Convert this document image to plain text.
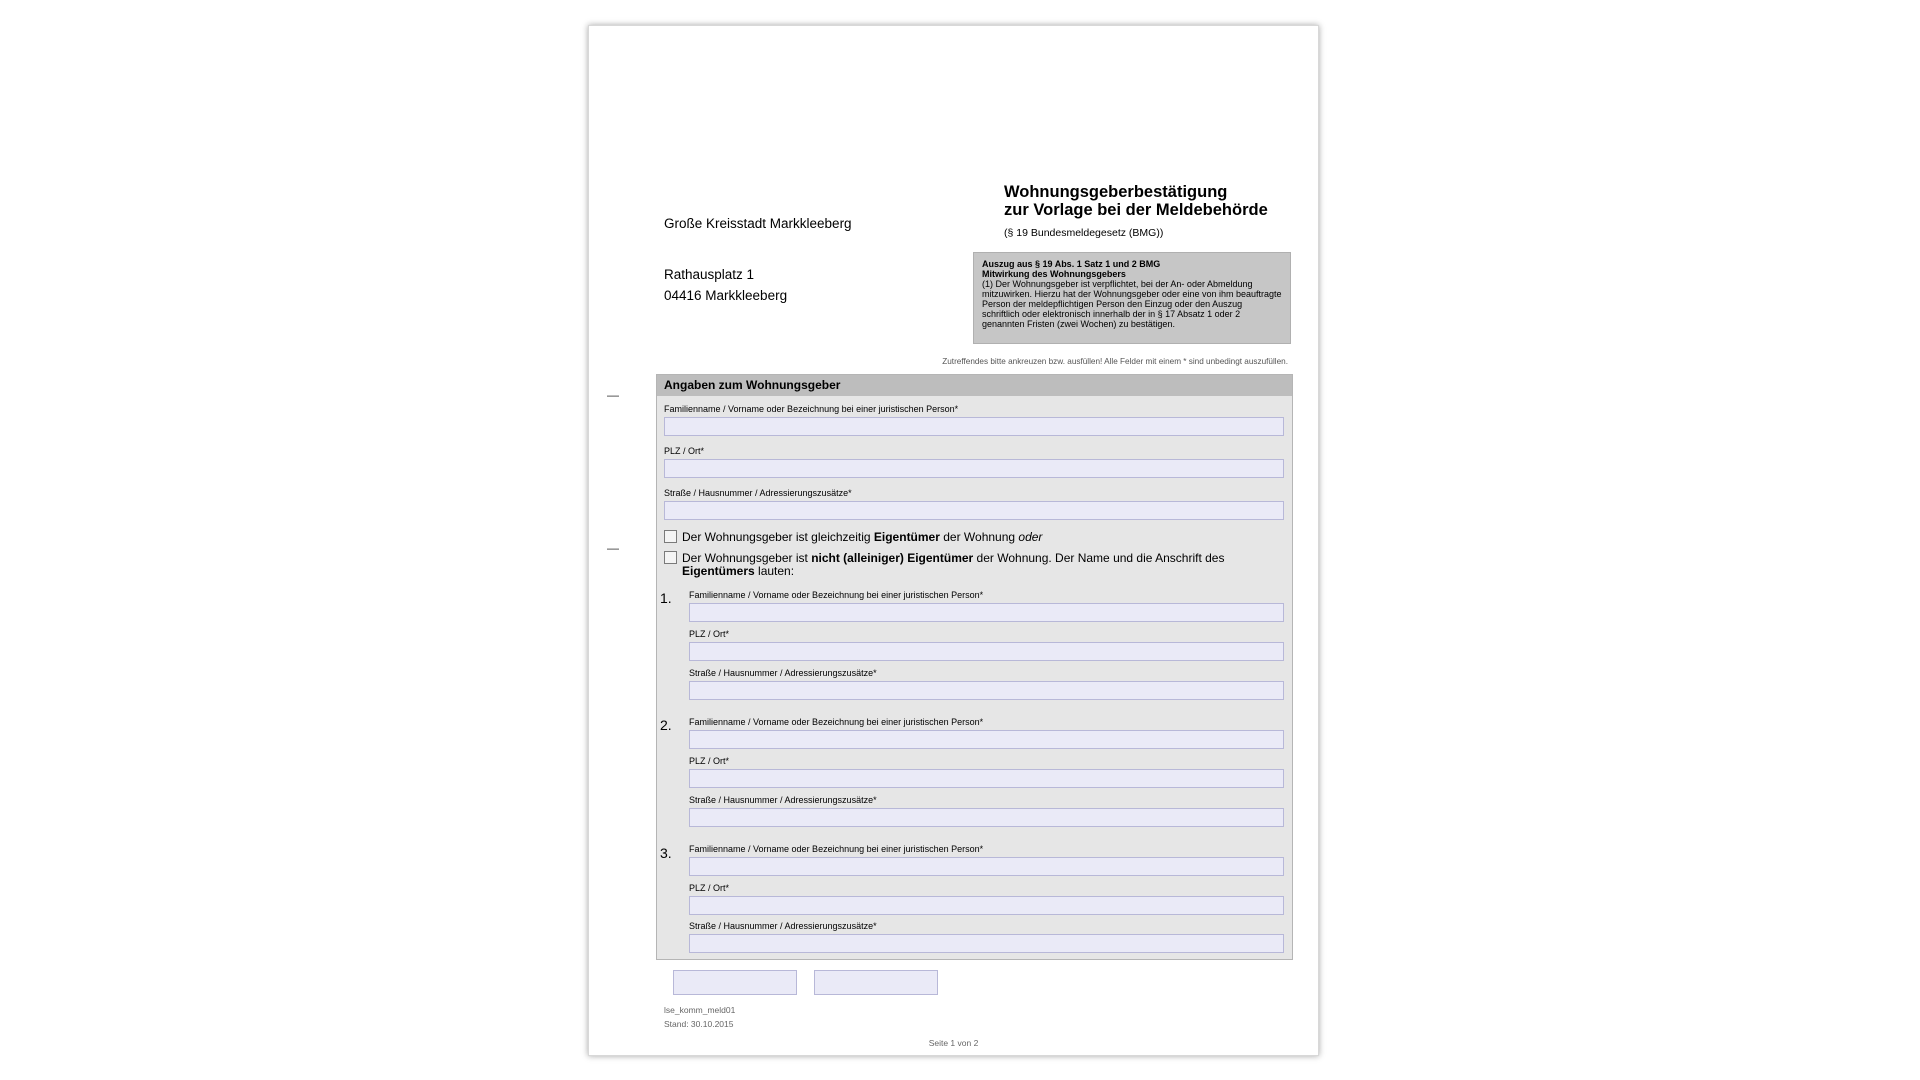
Große Kreisstadt Markkleeberg
Rathausplatz 1
04416 Markkleeberg
Wohnungsgeberbestätigung
zur Vorlage bei der Meldebehörde
(§ 19 Bundesmeldegesetz (BMG))
Auszug aus § 19 Abs. 1 Satz 1 und 2 BMG
Mitwirkung des Wohnungsgebers
(1) Der Wohnungsgeber ist verpflichtet, bei der An- oder Abmeldung mitzuwirken. Hierzu hat der Wohnungsgeber oder eine von ihm beauftragte Person der meldepflichtigen Person den Einzug oder den Auszug schriftlich oder elektronisch innerhalb der in § 17 Absatz 1 oder 2 genannten Fristen (zwei Wochen) zu bestätigen.
Zutreffendes bitte ankreuzen bzw. ausfüllen! Alle Felder mit einem * sind unbedingt auszufüllen.
—
—
Angaben zum Wohnungsgeber
Familienname / Vorname oder Bezeichnung bei einer juristischen Person*
PLZ / Ort*
Straße / Hausnummer / Adressierungszusätze*
Der Wohnungsgeber ist gleichzeitig Eigentümer der Wohnung oder
Der Wohnungsgeber ist nicht (alleiniger) Eigentümer der Wohnung. Der Name und die Anschrift des Eigentümers lauten:
1. Familienname / Vorname oder Bezeichnung bei einer juristischen Person*
PLZ / Ort*
Straße / Hausnummer / Adressierungszusätze*
2. Familienname / Vorname oder Bezeichnung bei einer juristischen Person*
PLZ / Ort*
Straße / Hausnummer / Adressierungszusätze*
3. Familienname / Vorname oder Bezeichnung bei einer juristischen Person*
PLZ / Ort*
Straße / Hausnummer / Adressierungszusätze*
lse_komm_meld01
Stand: 30.10.2015
Seite 1 von 2
